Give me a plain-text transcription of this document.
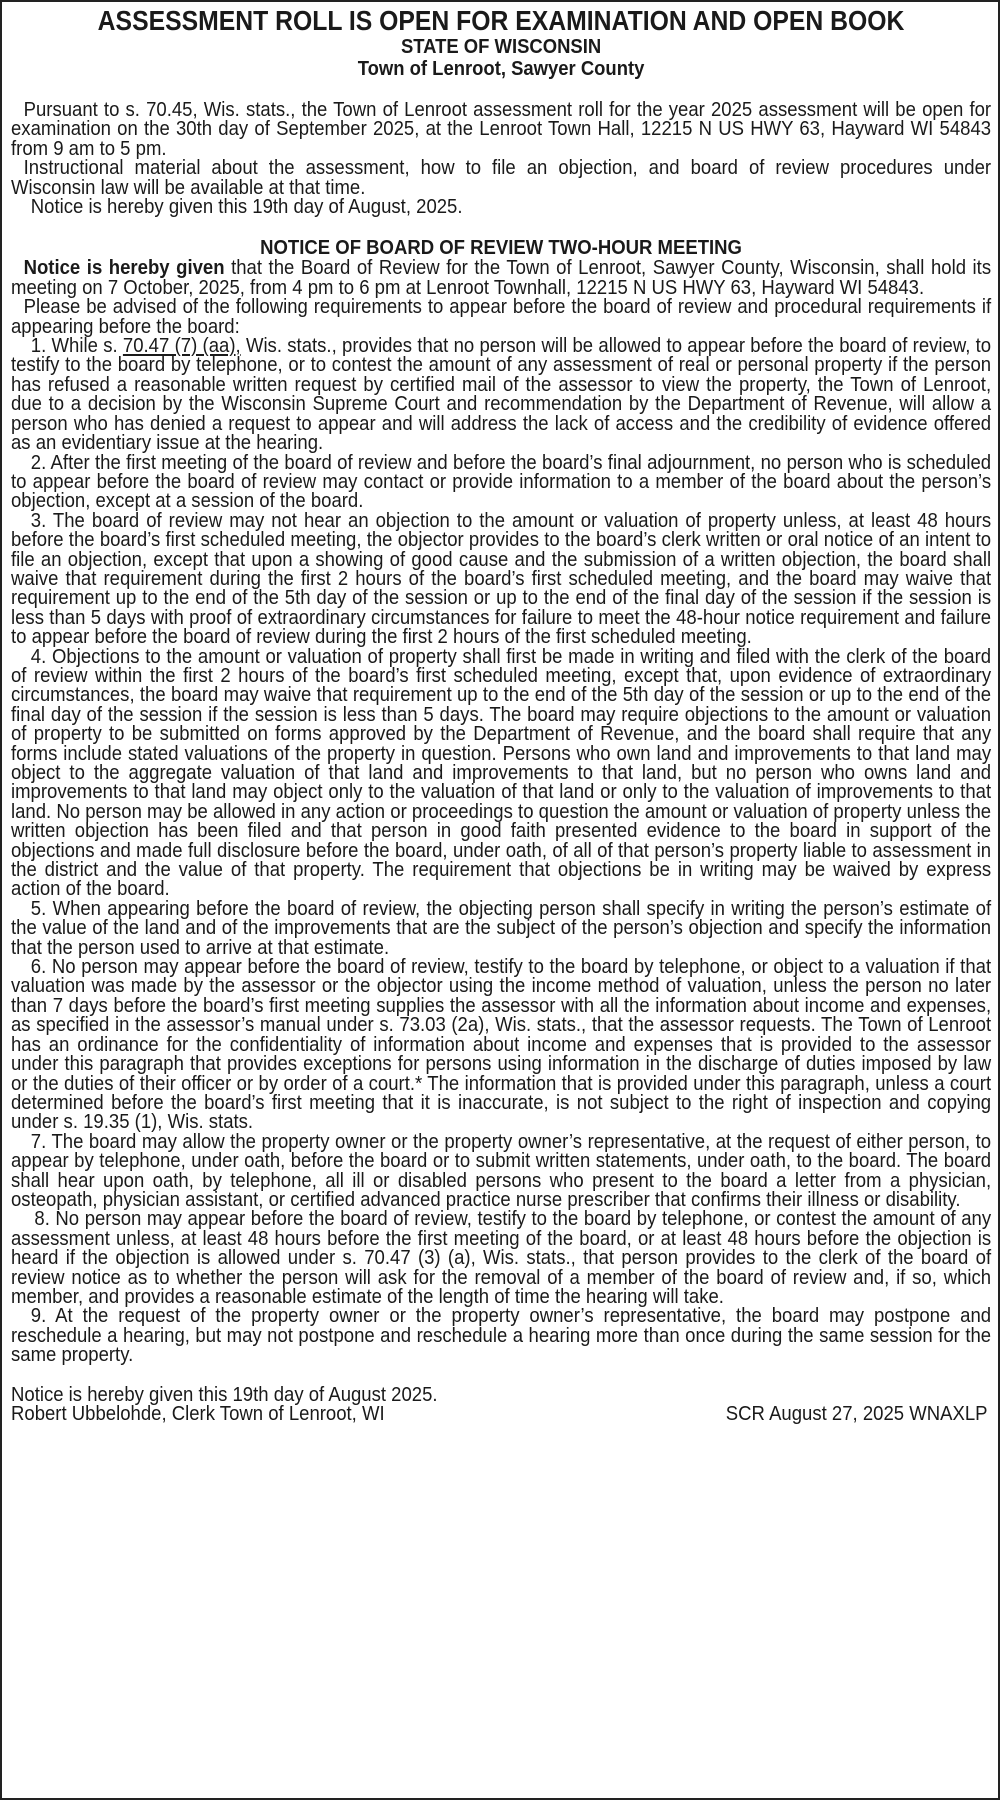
ASSESSMENT ROLL IS OPEN FOR EXAMINATION AND OPEN BOOK
STATE OF WISCONSIN
Town of Lenroot, Sawyer County

Pursuant to s. 70.45, Wis. stats., the Town of Lenroot assessment roll for the year 2025 assessment will be open for examination on the 30th day of September 2025, at the Lenroot Town Hall, 12215 N US HWY 63, Hayward WI 54843 from 9 am to 5 pm.

Instructional material about the assessment, how to file an objection, and board of review procedures under Wisconsin law will be available at that time.

Notice is hereby given this 19th day of August, 2025.

NOTICE OF BOARD OF REVIEW TWO-HOUR MEETING

Notice is hereby given that the Board of Review for the Town of Lenroot, Sawyer County, Wisconsin, shall hold its meeting on 7 October, 2025, from 4 pm to 6 pm at Lenroot Townhall, 12215 N US HWY 63, Hayward WI 54843.

Please be advised of the following requirements to appear before the board of review and procedural requirements if appearing before the board:

1. While s. 70.47 (7) (aa), Wis. stats., provides that no person will be allowed to appear before the board of review, to testify to the board by telephone, or to contest the amount of any assessment of real or personal property if the person has refused a reasonable written request by certified mail of the assessor to view the property, the Town of Lenroot, due to a decision by the Wisconsin Supreme Court and recommendation by the Department of Revenue, will allow a person who has denied a request to appear and will address the lack of access and the credibility of evidence offered as an evidentiary issue at the hearing.

2. After the first meeting of the board of review and before the board’s final adjournment, no person who is scheduled to appear before the board of review may contact or provide information to a member of the board about the person’s objection, except at a session of the board.

3. The board of review may not hear an objection to the amount or valuation of property unless, at least 48 hours before the board’s first scheduled meeting, the objector provides to the board’s clerk written or oral notice of an intent to file an objection, except that upon a showing of good cause and the submission of a written objection, the board shall waive that requirement during the first 2 hours of the board’s first scheduled meeting, and the board may waive that requirement up to the end of the 5th day of the session or up to the end of the final day of the session if the session is less than 5 days with proof of extraordinary circumstances for failure to meet the 48-hour notice requirement and failure to appear before the board of review during the first 2 hours of the first scheduled meeting.

4. Objections to the amount or valuation of property shall first be made in writing and filed with the clerk of the board of review within the first 2 hours of the board’s first scheduled meeting, except that, upon evidence of extraordinary circumstances, the board may waive that requirement up to the end of the 5th day of the session or up to the end of the final day of the session if the session is less than 5 days. The board may require objections to the amount or valuation of property to be submitted on forms approved by the Department of Revenue, and the board shall require that any forms include stated valuations of the property in question. Persons who own land and improvements to that land may object to the aggregate valuation of that land and improvements to that land, but no person who owns land and improvements to that land may object only to the valuation of that land or only to the valuation of improvements to that land. No person may be allowed in any action or proceedings to question the amount or valuation of property unless the written objection has been filed and that person in good faith presented evidence to the board in support of the objections and made full disclosure before the board, under oath, of all of that person’s property liable to assessment in the district and the value of that property. The requirement that objections be in writing may be waived by express action of the board.

5. When appearing before the board of review, the objecting person shall specify in writing the person’s estimate of the value of the land and of the improvements that are the subject of the person’s objection and specify the information that the person used to arrive at that estimate.

6. No person may appear before the board of review, testify to the board by telephone, or object to a valuation if that valuation was made by the assessor or the objector using the income method of valuation, unless the person no later than 7 days before the board’s first meeting supplies the assessor with all the information about income and expenses, as specified in the assessor’s manual under s. 73.03 (2a), Wis. stats., that the assessor requests. The Town of Lenroot has an ordinance for the confidentiality of information about income and expenses that is provided to the assessor under this paragraph that provides exceptions for persons using information in the discharge of duties imposed by law or the duties of their officer or by order of a court.* The information that is provided under this paragraph, unless a court determined before the board’s first meeting that it is inaccurate, is not subject to the right of inspection and copying under s. 19.35 (1), Wis. stats.

7. The board may allow the property owner or the property owner’s representative, at the request of either person, to appear by telephone, under oath, before the board or to submit written statements, under oath, to the board. The board shall hear upon oath, by telephone, all ill or disabled persons who present to the board a letter from a physician, osteopath, physician assistant, or certified advanced practice nurse prescriber that confirms their illness or disability.

8. No person may appear before the board of review, testify to the board by telephone, or contest the amount of any assessment unless, at least 48 hours before the first meeting of the board, or at least 48 hours before the objection is heard if the objection is allowed under s. 70.47 (3) (a), Wis. stats., that person provides to the clerk of the board of review notice as to whether the person will ask for the removal of a member of the board of review and, if so, which member, and provides a reasonable estimate of the length of time the hearing will take.

9. At the request of the property owner or the property owner’s representative, the board may postpone and reschedule a hearing, but may not postpone and reschedule a hearing more than once during the same session for the same property.

Notice is hereby given this 19th day of August 2025.

Robert Ubbelohde, Clerk Town of Lenroot, WI	SCR August 27, 2025 WNAXLP
